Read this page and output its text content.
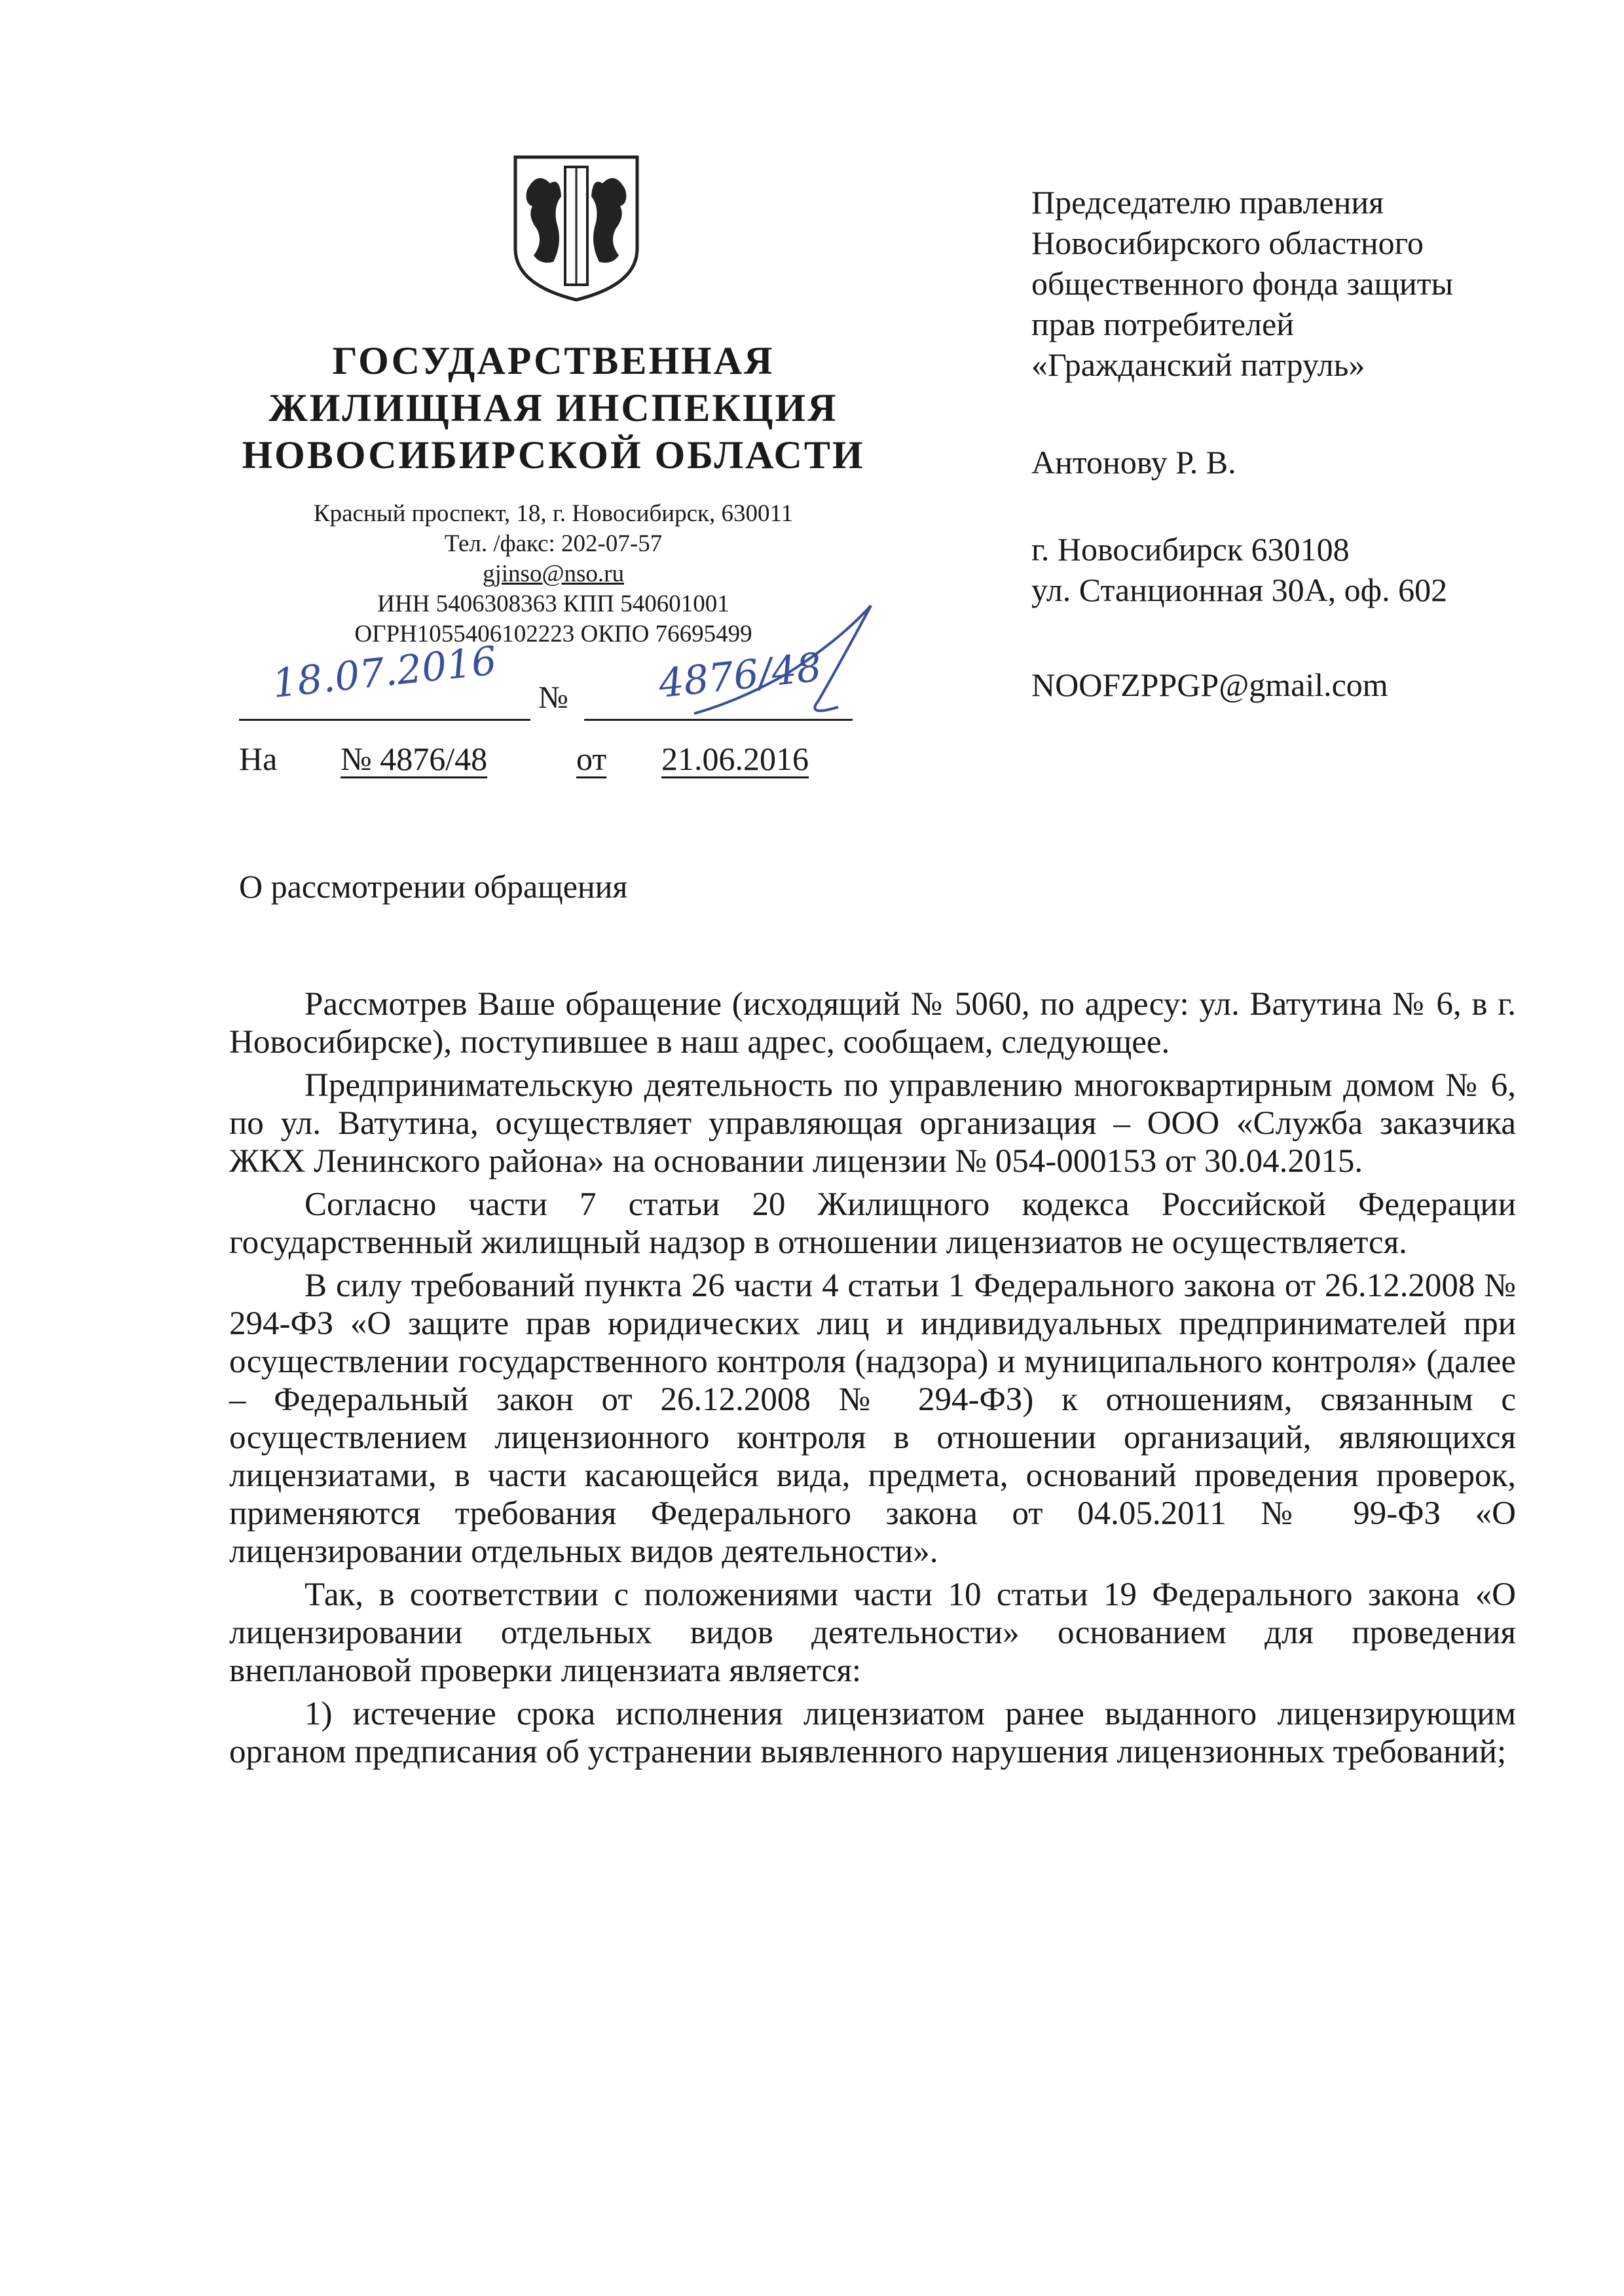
ГОСУДАРСТВЕННАЯ
ЖИЛИЩНАЯ ИНСПЕКЦИЯ
НОВОСИБИРСКОЙ ОБЛАСТИ
Красный проспект, 18, г. Новосибирск, 630011
Тел. /факс: 202-07-57
gjinso@nso.ru
ИНН 5406308363 КПП 540601001
ОГРН1055406102223 ОКПО 76695499
18.07.2016 № 4876/48
На № 4876/48	от 21.06.2016
Председателю правления
Новосибирского областного
общественного фонда защиты
прав потребителей
«Гражданский патруль»
Антонову Р. В.
г. Новосибирск 630108
ул. Станционная 30А, оф. 602
NOOFZPPGP@gmail.com
О рассмотрении обращения

Рассмотрев Ваше обращение (исходящий № 5060, по адресу: ул. Ватутина № 6, в г. Новосибирске), поступившее в наш адрес, сообщаем, следующее.

Предпринимательскую деятельность по управлению многоквартирным домом № 6, по ул. Ватутина, осуществляет управляющая организация – ООО «Служба заказчика ЖКХ Ленинского района» на основании лицензии № 054-000153 от 30.04.2015.

Согласно части 7 статьи 20 Жилищного кодекса Российской Федерации государственный жилищный надзор в отношении лицензиатов не осуществляется.

В силу требований пункта 26 части 4 статьи 1 Федерального закона от 26.12.2008 № 294-ФЗ «О защите прав юридических лиц и индивидуальных предпринимателей при осуществлении государственного контроля (надзора) и муниципального контроля» (далее – Федеральный закон от 26.12.2008 № 294-ФЗ) к отношениям, связанным с осуществлением лицензионного контроля в отношении организаций, являющихся лицензиатами, в части касающейся вида, предмета, оснований проведения проверок, применяются требования Федерального закона от 04.05.2011 № 99-ФЗ «О лицензировании отдельных видов деятельности».

Так, в соответствии с положениями части 10 статьи 19 Федерального закона «О лицензировании отдельных видов деятельности» основанием для проведения внеплановой проверки лицензиата является:

1) истечение срока исполнения лицензиатом ранее выданного лицензирующим органом предписания об устранении выявленного нарушения лицензионных требований;
